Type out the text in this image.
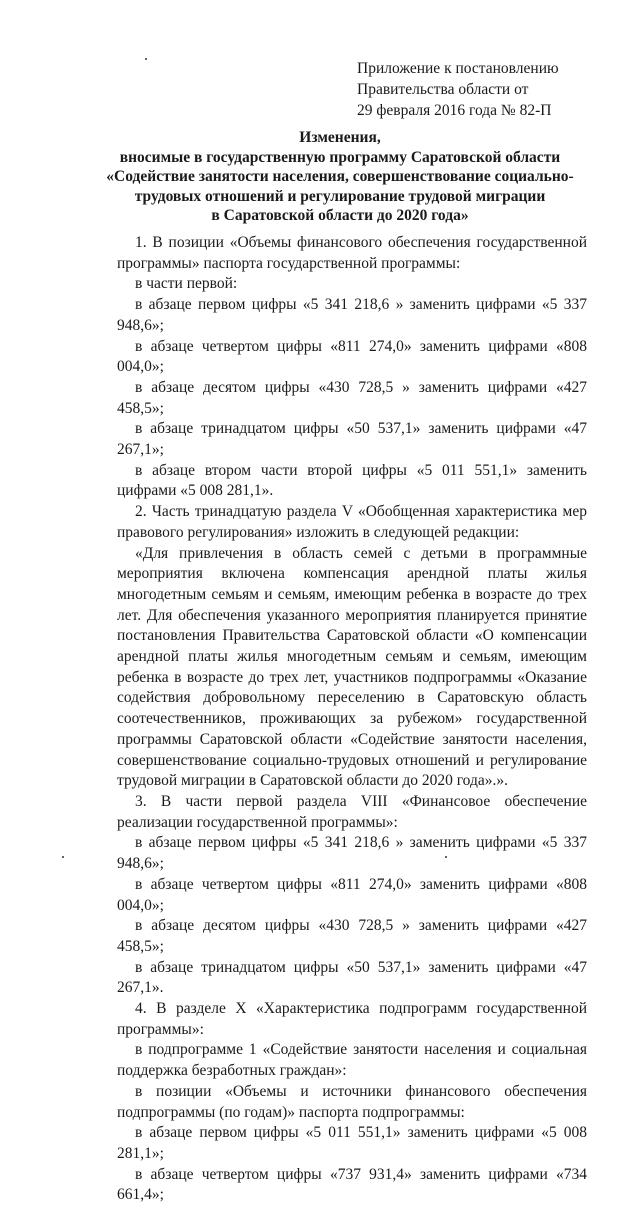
Приложение к постановлению
Правительства области от
29 февраля 2016 года № 82-П
Изменения,
вносимые в государственную программу Саратовской области
«Содействие занятости населения, совершенствование социально-
трудовых отношений и регулирование трудовой миграции
в Саратовской области до 2020 года»

1. В позиции «Объемы финансового обеспечения государственной программы» паспорта государственной программы:

в части первой:

в абзаце первом цифры «5 341 218,6 » заменить цифрами «5 337 948,6»;

в абзаце четвертом цифры «811 274,0» заменить цифрами «808 004,0»;

в абзаце десятом цифры «430 728,5 » заменить цифрами «427 458,5»;

в абзаце тринадцатом цифры «50 537,1» заменить цифрами «47 267,1»;

в абзаце втором части второй цифры «5 011 551,1» заменить цифрами «5 008 281,1».

2. Часть тринадцатую раздела V «Обобщенная характеристика мер правового регулирования» изложить в следующей редакции:

«Для привлечения в область семей с детьми в программные мероприятия включена компенсация арендной платы жилья многодетным семьям и семьям, имеющим ребенка в возрасте до трех лет. Для обеспечения указанного мероприятия планируется принятие постановления Правительства Саратовской области «О компенсации арендной платы жилья многодетным семьям и семьям, имеющим ребенка в возрасте до трех лет, участников подпрограммы «Оказание содействия добровольному переселению в Саратовскую область соотечественников, проживающих за рубежом» государственной программы Саратовской области «Содействие занятости населения, совершенствование социально-трудовых отношений и регулирование трудовой миграции в Саратовской области до 2020 года».».

3. В части первой раздела VIII «Финансовое обеспечение реализации государственной программы»:

в абзаце первом цифры «5 341 218,6 » заменить цифрами «5 337 948,6»;

в абзаце четвертом цифры «811 274,0» заменить цифрами «808 004,0»;

в абзаце десятом цифры «430 728,5 » заменить цифрами «427 458,5»;

в абзаце тринадцатом цифры «50 537,1» заменить цифрами «47 267,1».

4. В разделе X «Характеристика подпрограмм государственной программы»:

в подпрограмме 1 «Содействие занятости населения и социальная поддержка безработных граждан»:

в позиции «Объемы и источники финансового обеспечения подпрограммы (по годам)» паспорта подпрограммы:

в абзаце первом цифры «5 011 551,1» заменить цифрами «5 008 281,1»;

в абзаце четвертом цифры «737 931,4» заменить цифрами «734 661,4»;
